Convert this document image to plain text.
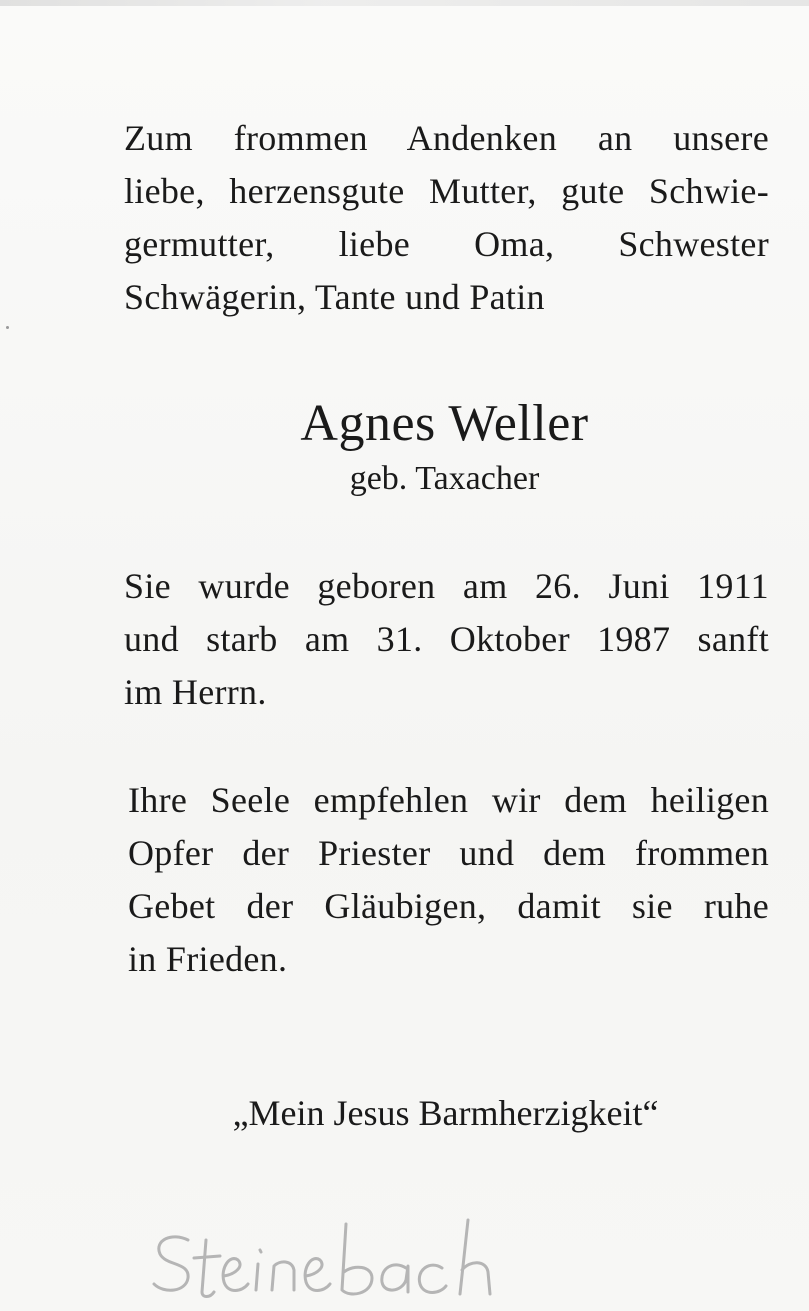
Zum frommen Andenken an unsere
liebe, herzensgute Mutter, gute Schwie-
germutter, liebe Oma, Schwester
Schwägerin, Tante und Patin
Agnes Weller
geb. Taxacher
Sie wurde geboren am 26. Juni 1911
und starb am 31. Oktober 1987 sanft
im Herrn.
Ihre Seele empfehlen wir dem heiligen
Opfer der Priester und dem frommen
Gebet der Gläubigen, damit sie ruhe
in Frieden.
„Mein Jesus Barmherzigkeit“
